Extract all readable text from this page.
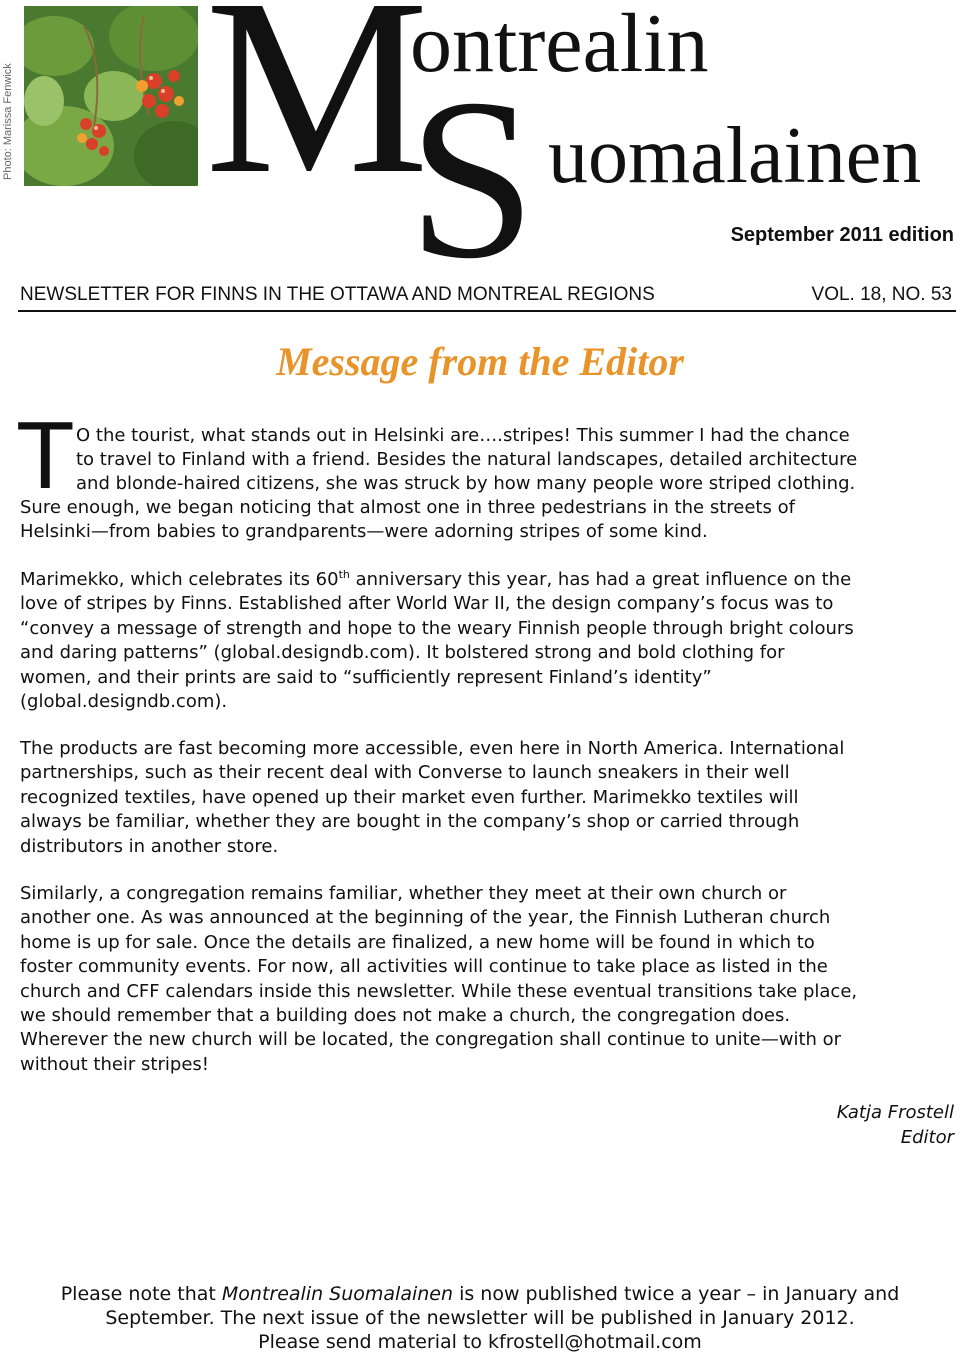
Photo: Marissa Fenwick M
ontrealin
S uomalainen
September 2011 edition
NEWSLETTER FOR FINNS IN THE OTTAWA AND MONTREAL REGIONS	VOL. 18, NO. 53
Message from the Editor
T O the tourist, what stands out in Helsinki are….stripes! This summer I had the chance
to travel to Finland with a friend. Besides the natural landscapes, detailed architecture
and blonde-haired citizens, she was struck by how many people wore striped clothing.
Sure enough, we began noticing that almost one in three pedestrians in the streets of
Helsinki—from babies to grandparents—were adorning stripes of some kind.
Marimekko, which celebrates its 60th anniversary this year, has had a great influence on the
love of stripes by Finns. Established after World War II, the design company’s focus was to
“convey a message of strength and hope to the weary Finnish people through bright colours
and daring patterns” (global.designdb.com). It bolstered strong and bold clothing for
women, and their prints are said to “sufficiently represent Finland’s identity”
(global.designdb.com).
The products are fast becoming more accessible, even here in North America. International
partnerships, such as their recent deal with Converse to launch sneakers in their well
recognized textiles, have opened up their market even further. Marimekko textiles will
always be familiar, whether they are bought in the company’s shop or carried through
distributors in another store.
Similarly, a congregation remains familiar, whether they meet at their own church or
another one. As was announced at the beginning of the year, the Finnish Lutheran church
home is up for sale. Once the details are finalized, a new home will be found in which to
foster community events. For now, all activities will continue to take place as listed in the
church and CFF calendars inside this newsletter. While these eventual transitions take place,
we should remember that a building does not make a church, the congregation does.
Wherever the new church will be located, the congregation shall continue to unite—with or
without their stripes!
Katja Frostell
Editor
Please note that Montrealin Suomalainen is now published twice a year – in January and
September. The next issue of the newsletter will be published in January 2012.
Please send material to kfrostell@hotmail.com
